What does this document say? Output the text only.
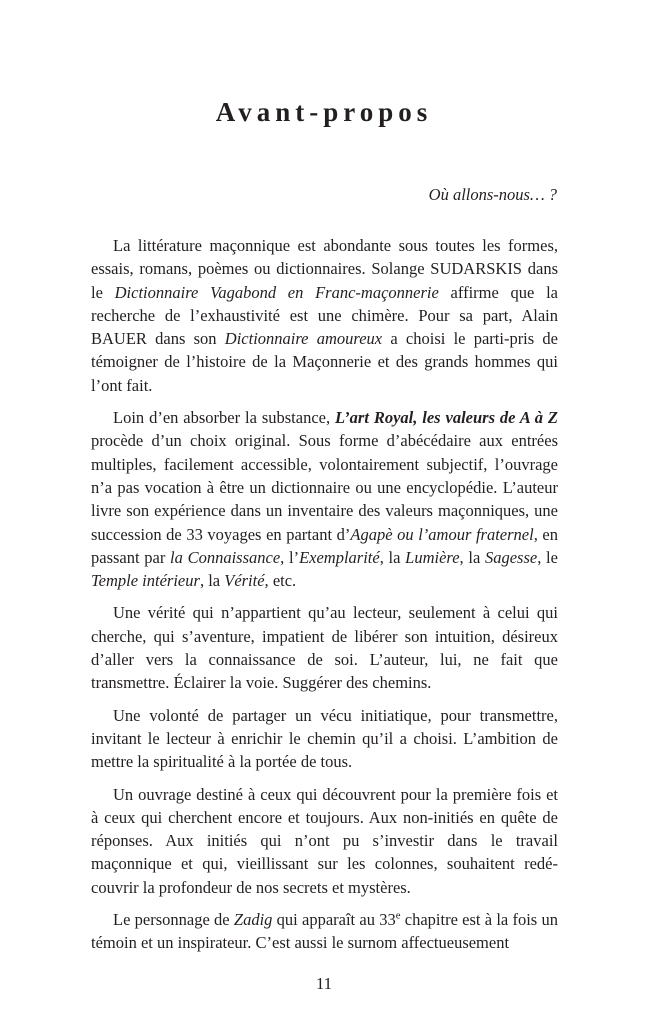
Avant-propos

Où allons-nous… ?

La littérature maçonnique est abondante sous toutes les formes, essais, romans, poèmes ou dictionnaires. Solange SUDARSKIS dans le Dictionnaire Vagabond en Franc-maçonnerie affirme que la recherche de l’exhaustivité est une chimère. Pour sa part, Alain BAUER dans son Dictionnaire amoureux a choisi le parti-pris de témoigner de l’histoire de la Maçonnerie et des grands hommes qui l’ont fait.

Loin d’en absorber la substance, L’art Royal, les valeurs de A à Z procède d’un choix original. Sous forme d’abécédaire aux entrées multiples, facilement accessible, volontairement subjectif, l’ouvrage n’a pas vocation à être un dictionnaire ou une encyclopédie. L’auteur livre son expérience dans un inventaire des valeurs maçonniques, une succession de 33 voyages en partant d’Agapè ou l’amour fraternel, en passant par la Connaissance, l’Exemplarité, la Lumière, la Sagesse, le Temple intérieur, la Vérité, etc.

Une vérité qui n’appartient qu’au lecteur, seulement à celui qui cherche, qui s’aventure, impatient de libérer son intuition, désireux d’aller vers la connaissance de soi. L’auteur, lui, ne fait que transmettre. Éclairer la voie. Suggérer des chemins.

Une volonté de partager un vécu initiatique, pour transmettre, invitant le lecteur à enrichir le chemin qu’il a choisi. L’ambition de mettre la spiritualité à la portée de tous.

Un ouvrage destiné à ceux qui découvrent pour la première fois et à ceux qui cherchent encore et toujours. Aux non-initiés en quête de réponses. Aux initiés qui n’ont pu s’investir dans le travail maçonnique et qui, vieillissant sur les colonnes, souhaitent redécouvrir la profondeur de nos secrets et mystères.

Le personnage de Zadig qui apparaît au 33e chapitre est à la fois un témoin et un inspirateur. C’est aussi le surnom affectueusement

11
